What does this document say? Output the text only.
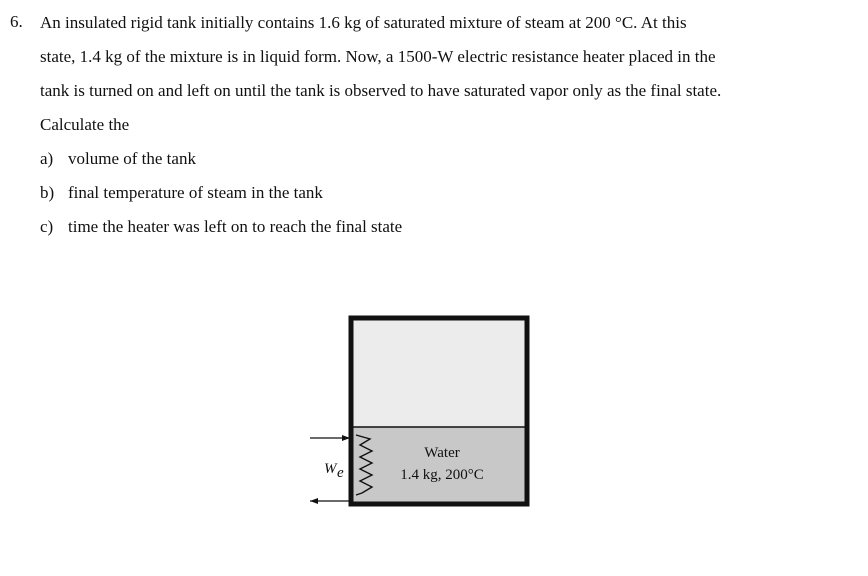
6. An insulated rigid tank initially contains 1.6 kg of saturated mixture of steam at 200 °C. At this
state, 1.4 kg of the mixture is in liquid form. Now, a 1500-W electric resistance heater placed in the
tank is turned on and left on until the tank is observed to have saturated vapor only as the final state.
Calculate the
a) volume of the tank
b) final temperature of steam in the tank
c) time the heater was left on to reach the final state
W e
Water
1.4 kg, 200°C
